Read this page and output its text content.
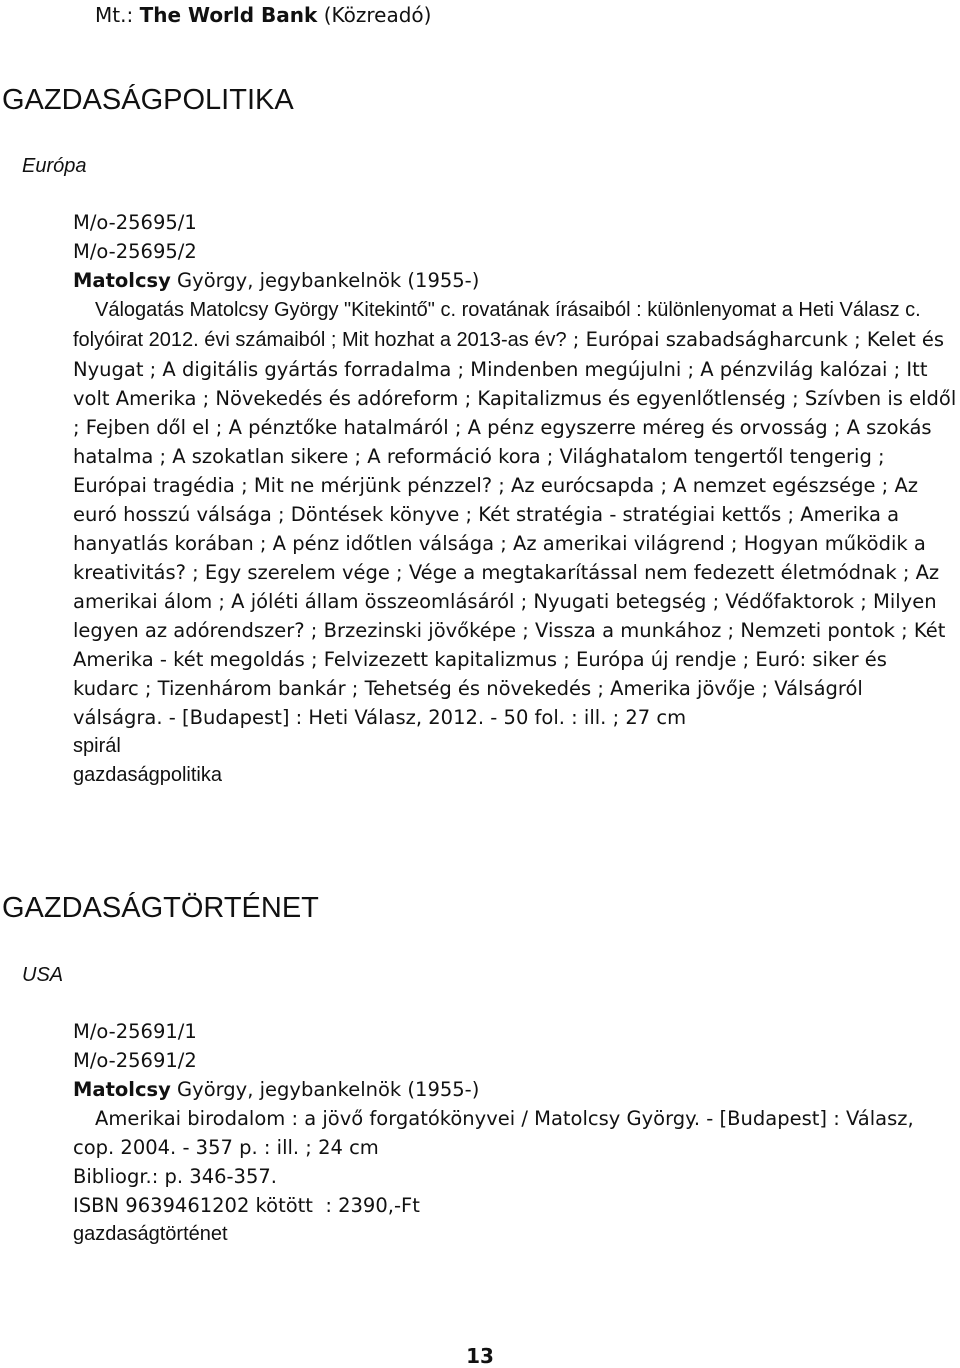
Mt.: The World Bank (Közreadó)
GAZDASÁGPOLITIKA
Európa
M/o-25695/1
M/o-25695/2
Matolcsy György, jegybankelnök (1955-)
Válogatás Matolcsy György "Kitekintő" c. rovatának írásaiból : különlenyomat a Heti Válasz c. folyóirat 2012. évi számaiból ; Mit hozhat a 2013-as év? ; Európai szabadságharcunk ; Kelet és Nyugat ; A digitális gyártás forradalma ; Mindenben megújulni ; A pénzvilág kalózai ; Itt volt Amerika ; Növekedés és adóreform ; Kapitalizmus és egyenlőtlenség ; Szívben is eldől ; Fejben dől el ; A pénztőke hatalmáról ; A pénz egyszerre méreg és orvosság ; A szokás hatalma ; A szokatlan sikere ; A reformáció kora ; Világhatalom tengertől tengerig ; Európai tragédia ; Mit ne mérjünk pénzzel? ; Az eurócsapda ; A nemzet egészsége ; Az euró hosszú válsága ; Döntések könyve ; Két stratégia - stratégiai kettős ; Amerika a hanyatlás korában ; A pénz időtlen válsága ; Az amerikai világrend ; Hogyan működik a kreativitás? ; Egy szerelem vége ; Vége a megtakarítással nem fedezett életmódnak ; Az amerikai álom ; A jóléti állam összeomlásáról ; Nyugati betegség ; Védőfaktorok ; Milyen legyen az adórendszer? ; Brzezinski jövőképe ; Vissza a munkához ; Nemzeti pontok ; Két Amerika - két megoldás ; Felvizezett kapitalizmus ; Európa új rendje ; Euró: siker és kudarc ; Tizenhárom bankár ; Tehetség és növekedés ; Amerika jövője ; Válságról válságra. - [Budapest] : Heti Válasz, 2012. - 50 fol. : ill. ; 27 cm
spirál
gazdaságpolitika
GAZDASÁGTÖRTÉNET
USA
M/o-25691/1
M/o-25691/2
Matolcsy György, jegybankelnök (1955-)
Amerikai birodalom : a jövő forgatókönyvei / Matolcsy György. - [Budapest] : Válasz, cop. 2004. - 357 p. : ill. ; 24 cm
Bibliogr.: p. 346-357.
ISBN 9639461202 kötött  : 2390,-Ft
gazdaságtörténet
13
